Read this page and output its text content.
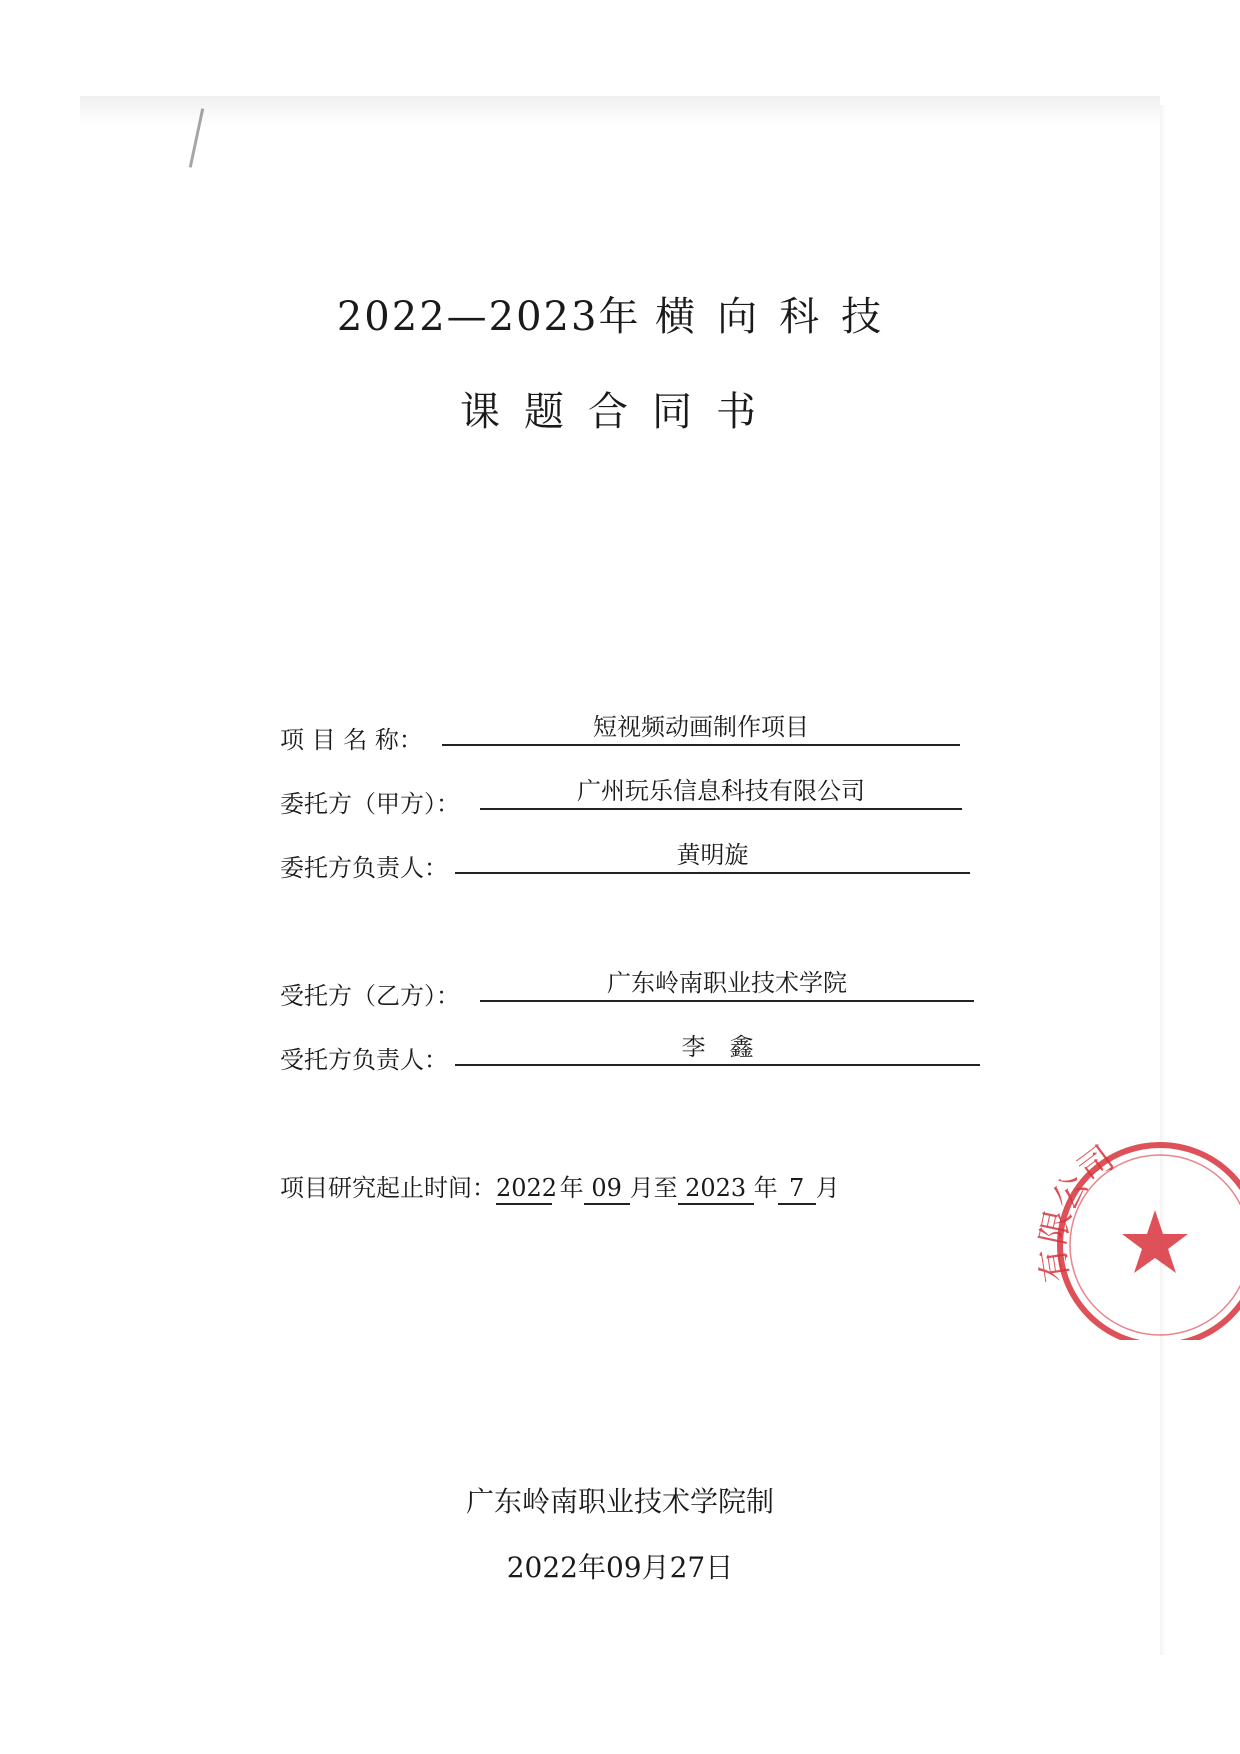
2022—2023年 横向科技
课题合同书
项 目 名 称：	短视频动画制作项目
委托方（甲方）：	广州玩乐信息科技有限公司
委托方负责人：	黄明旋
受托方（乙方）：	广东岭南职业技术学院
受托方负责人：	李　鑫
项目研究起止时间：2022 年 09 月至 2023 年 7 月
广东岭南职业技术学院制
2022年09月27日
有限公司
